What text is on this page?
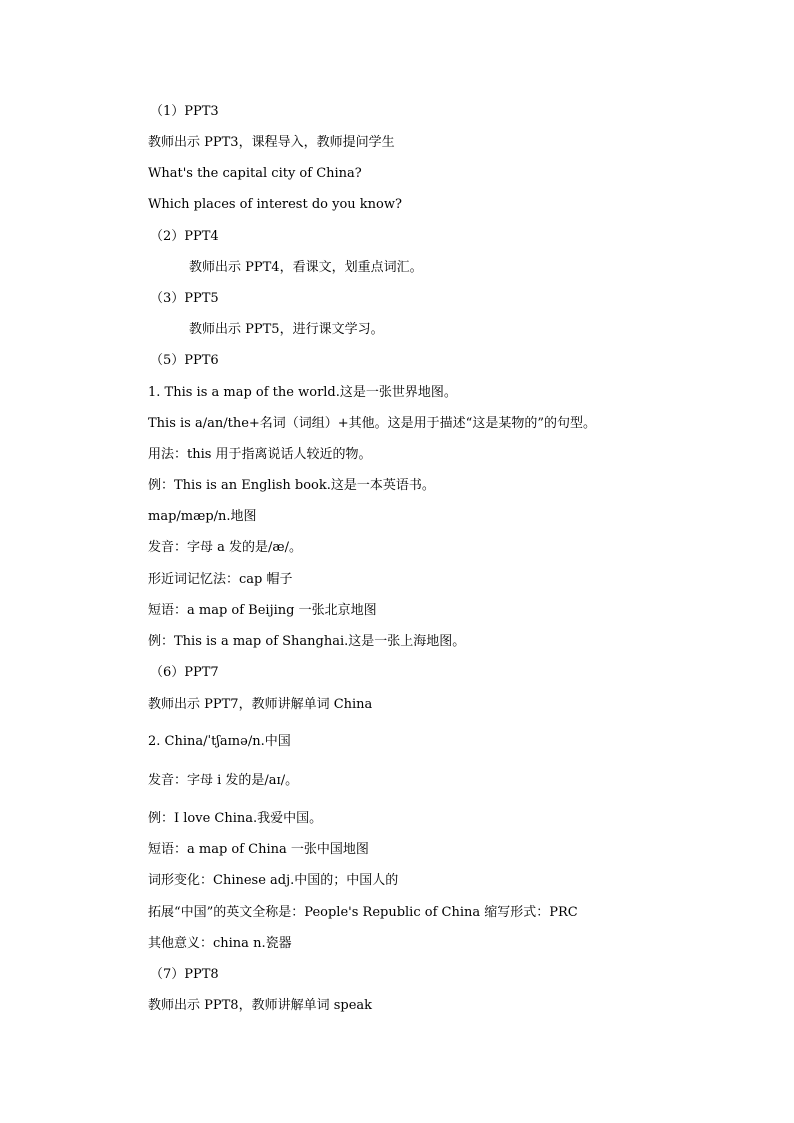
（1）PPT3
教师出示 PPT3，课程导入，教师提问学生
What's the capital city of China?
Which places of interest do you know?
（2）PPT4
教师出示 PPT4，看课文，划重点词汇。
（3）PPT5
教师出示 PPT5，进行课文学习。
（5）PPT6
1. This is a map of the world.这是一张世界地图。
This is a/an/the+名词（词组）+其他。这是用于描述“这是某物的”的句型。
用法：this 用于指离说话人较近的物。
例：This is an English book.这是一本英语书。
map/mæp/n.地图
发音：字母 a 发的是/æ/。
形近词记忆法：cap 帽子
短语：a map of Beijing 一张北京地图
例：This is a map of Shanghai.这是一张上海地图。
（6）PPT7
教师出示 PPT7，教师讲解单词 China
2. China/ˈtʃaɪnə/n.中国
发音：字母 i 发的是/aɪ/。
例：I love China.我爱中国。
短语：a map of China 一张中国地图
词形变化：Chinese adj.中国的；中国人的
拓展“中国”的英文全称是：People's Republic of China 缩写形式：PRC
其他意义：china n.瓷器
（7）PPT8
教师出示 PPT8，教师讲解单词 speak
